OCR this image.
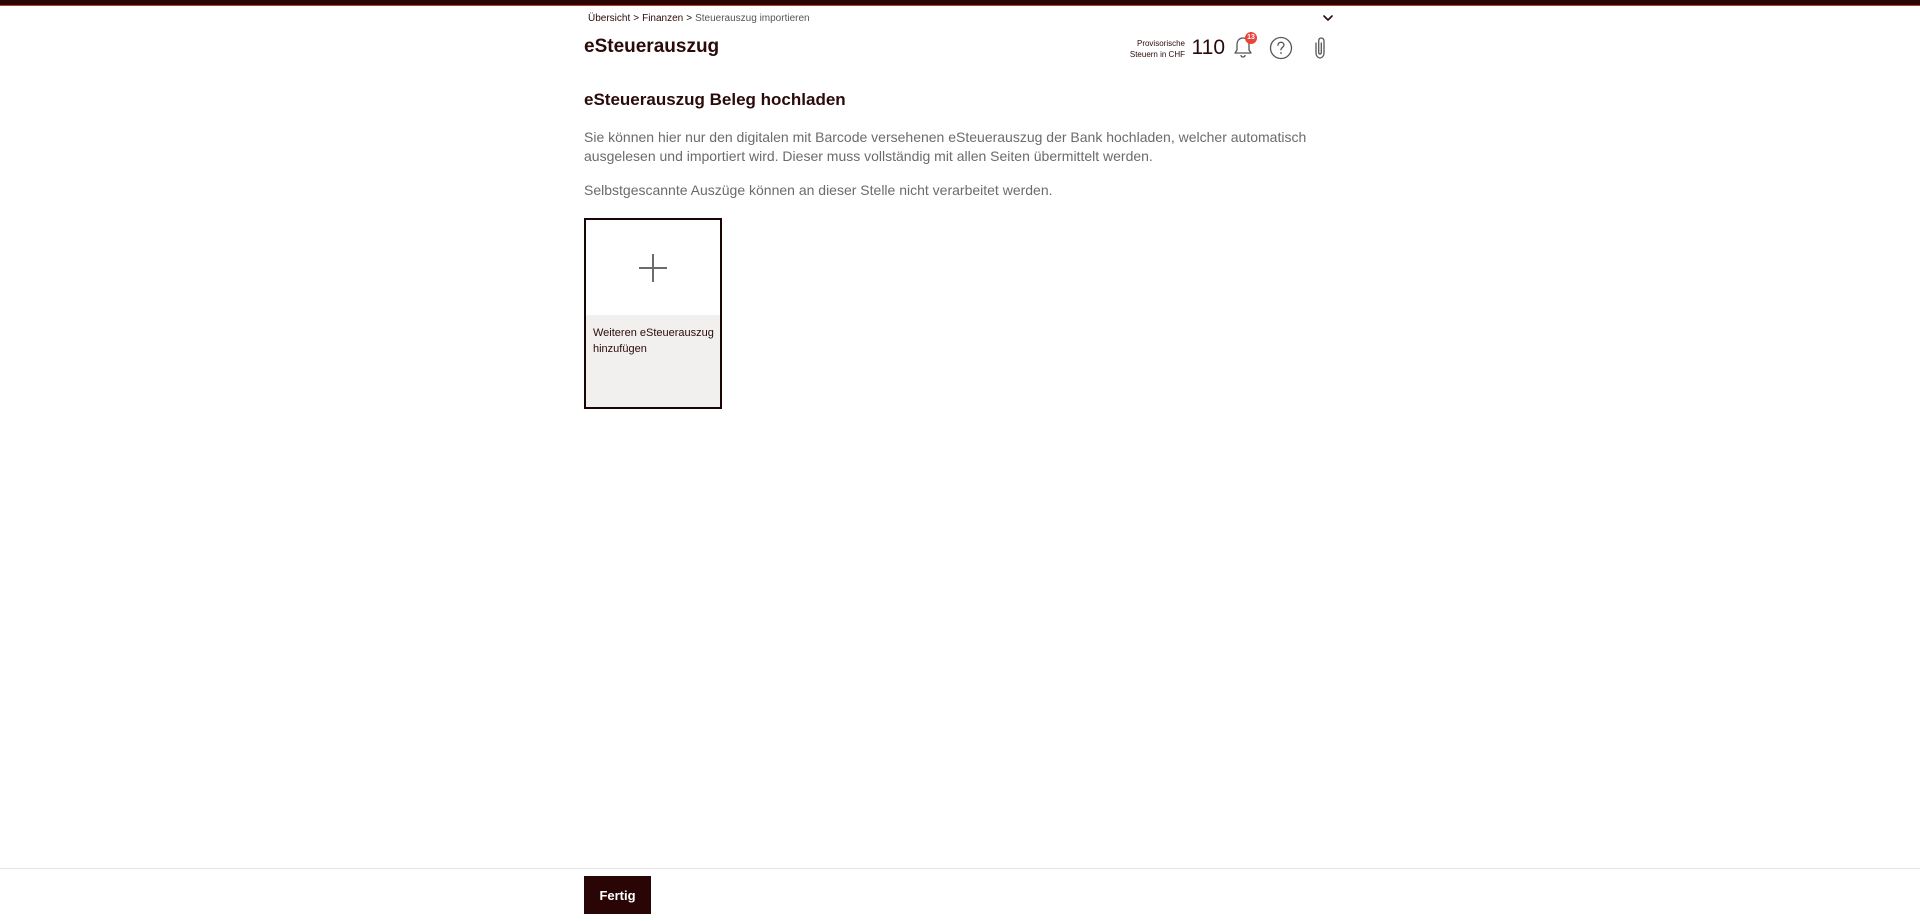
Übersicht > Finanzen > Steuerauszug importieren
eSteuerauszug	Provisorische
Steuern in CHF 110	13
eSteuerauszug Beleg hochladen
Sie können hier nur den digitalen mit Barcode versehenen eSteuerauszug der Bank hochladen, welcher automatisch
ausgelesen und importiert wird. Dieser muss vollständig mit allen Seiten übermittelt werden.
Selbstgescannte Auszüge können an dieser Stelle nicht verarbeitet werden.
Weiteren eSteuerauszug
hinzufügen
Fertig
